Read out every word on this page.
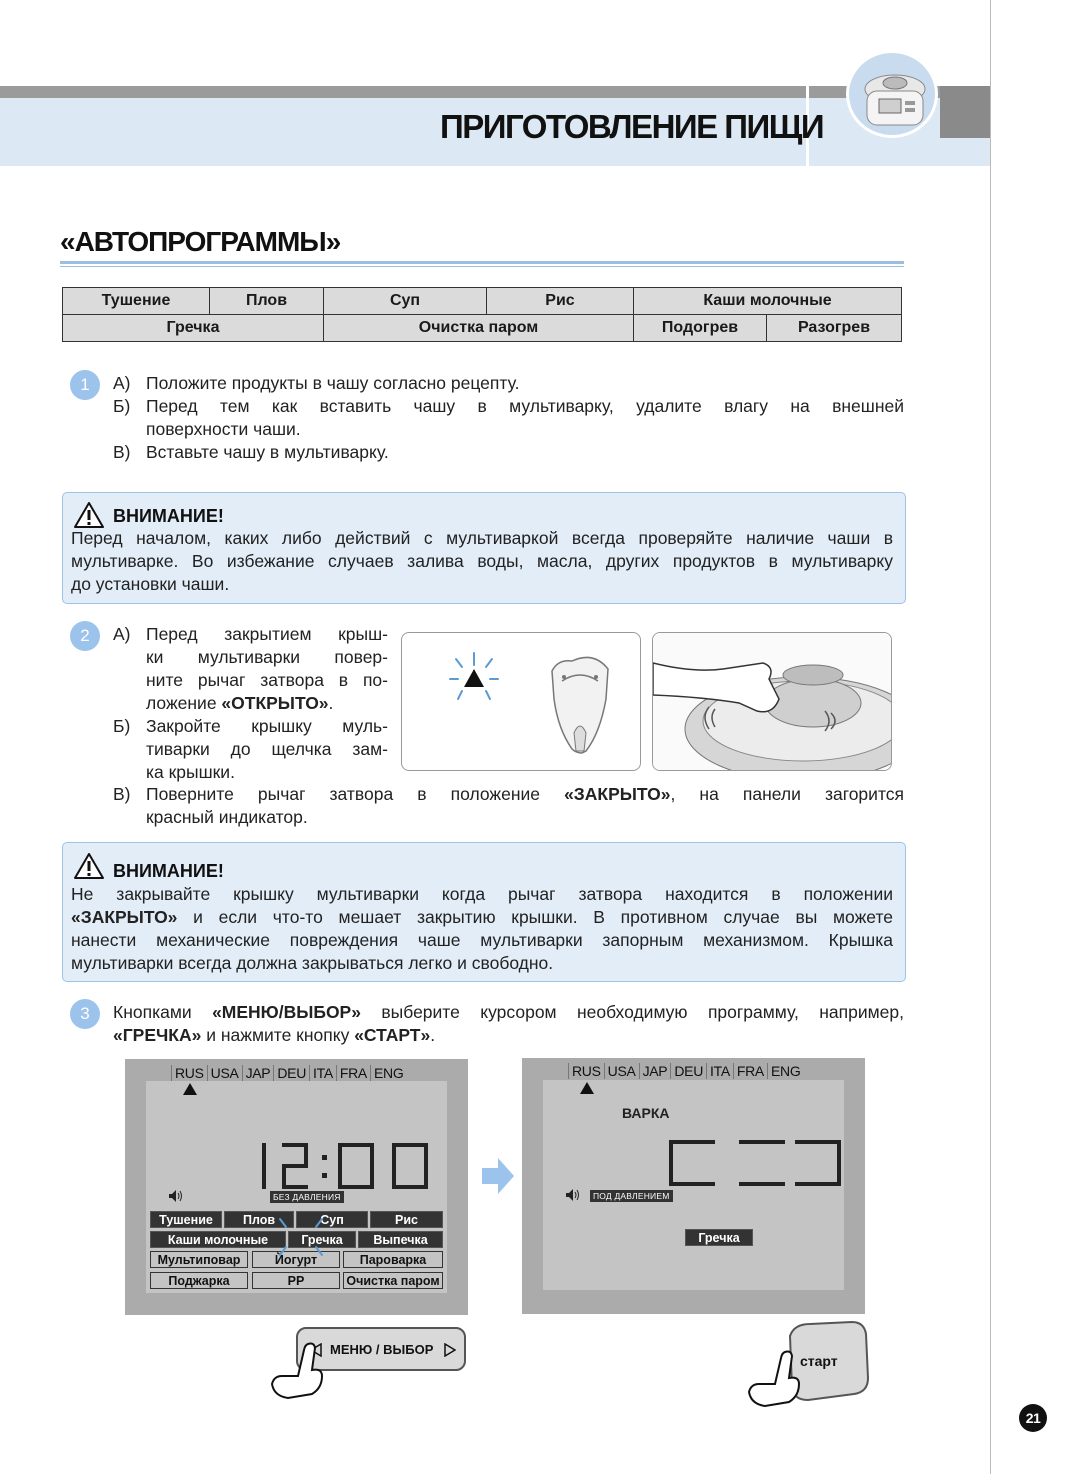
ПРИГОТОВЛЕНИЕ ПИЩИ
«АВТОПРОГРАММЫ»
Тушение	Плов	Суп	Рис	Каши молочные	
Гречка		Очистка паром		Подогрев	Разогрев
1	А) Положите продукты в чашу согласно рецепту.
Б) Перед тем как вставить чашу в мультиварку, удалите влагу на внешней
поверхности чаши.
В) Вставьте чашу в мультиварку.
ВНИМАНИЕ!
Перед началом, каких либо действий с мультиваркой всегда проверяйте наличие чаши в
мультиварке. Во избежание случаев залива воды, масла, других продуктов в мультиварку
до установки чаши.
2	А) Перед закрытием крыш-
ки мультиварки повер-
ните рычаг затвора в по-
ложение «ОТКРЫТО».
Б) Закройте крышку муль-
тиварки до щелчка зам-
ка крышки.
В) Поверните рычаг затвора в положение «ЗАКРЫТО», на панели загорится
красный индикатор.
ВНИМАНИЕ!
Не закрывайте крышку мультиварки когда рычаг затвора находится в положении
«ЗАКРЫТО» и если что-то мешает закрытию крышки. В противном случае вы можете
нанести механические повреждения чаше мультиварки запорным механизмом. Крышка
мультиварки всегда должна закрываться легко и свободно.
3	Кнопками «МЕНЮ/ВЫБОР» выберите курсором необходимую программу, например,
«ГРЕЧКА» и нажмите кнопку «СТАРТ».
RUS USA JAP DEU ITA FRA ENG
БЕЗ ДАВЛЕНИЯ
Тушение	Плов	Суп	Рис
Каши молочные	Гречка	Выпечка
Мультиповар	Йогурт	Пароварка
Поджарка	РР	Очистка паром
RUS USA JAP DEU ITA FRA ENG
ВАРКА
ПОД ДАВЛЕНИЕМ
Гречка
МЕНЮ / ВЫБОР
старт
21
